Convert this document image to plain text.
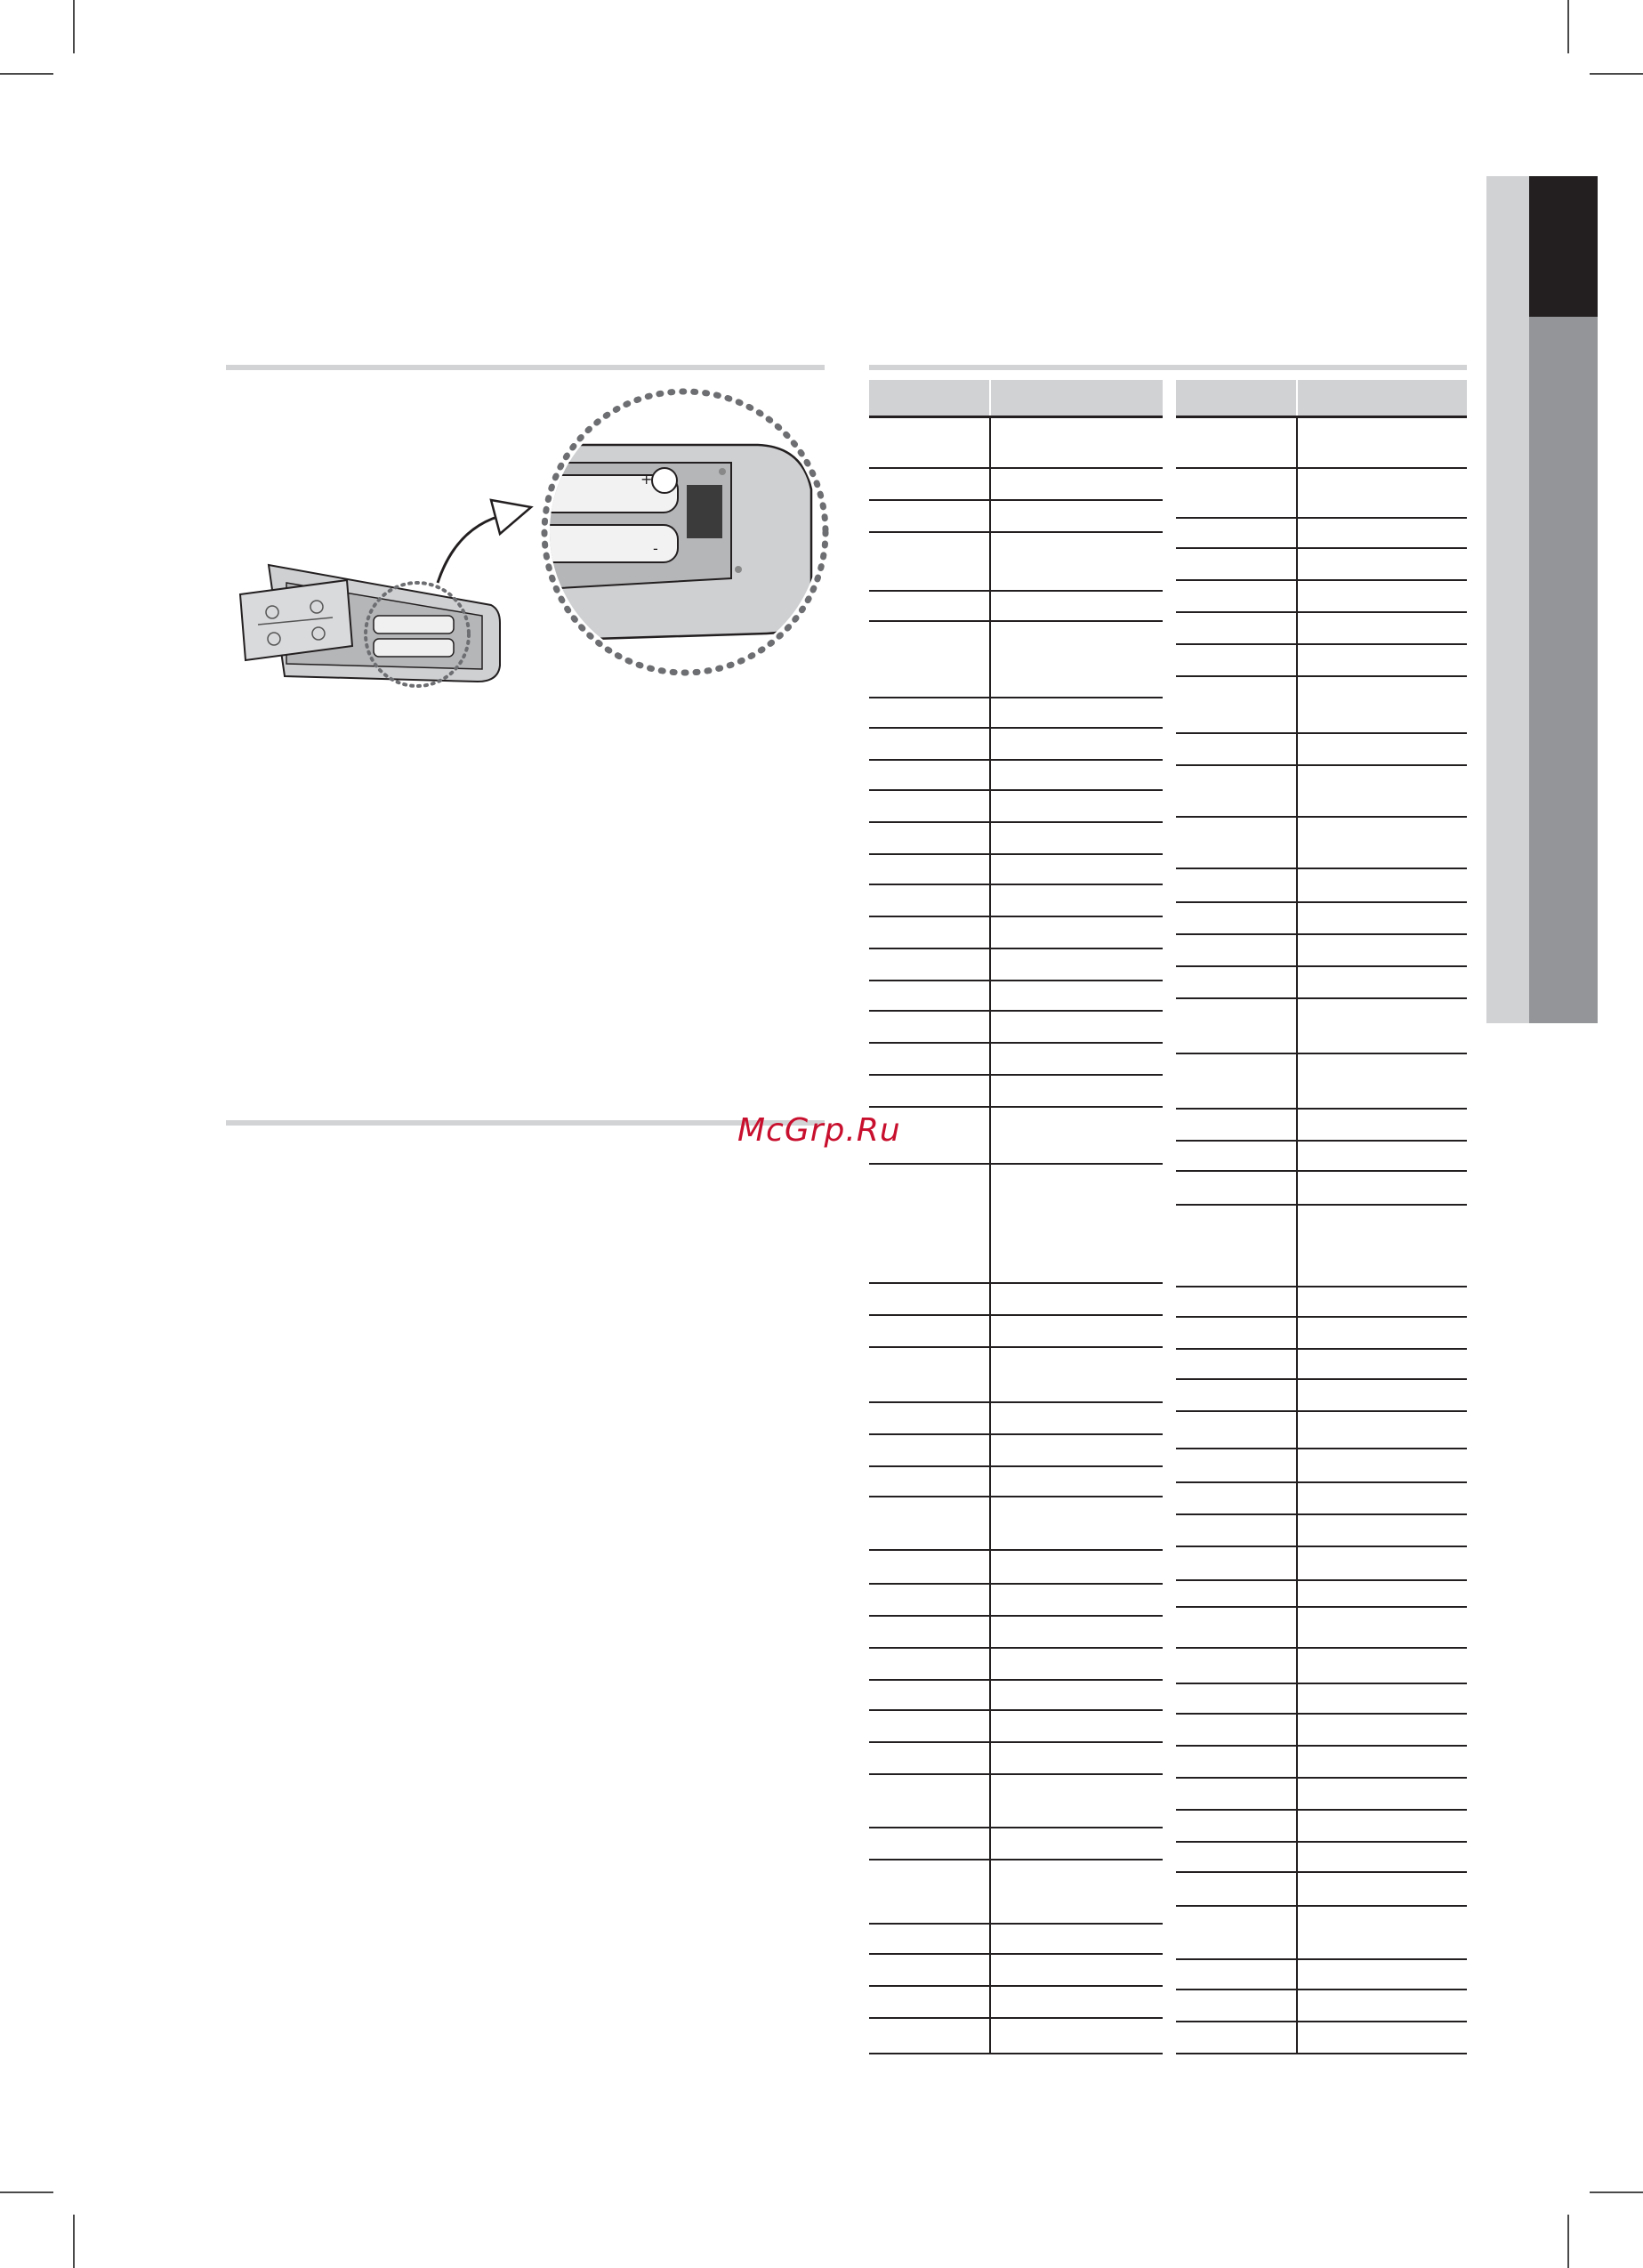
+
-
McGrp.Ru
